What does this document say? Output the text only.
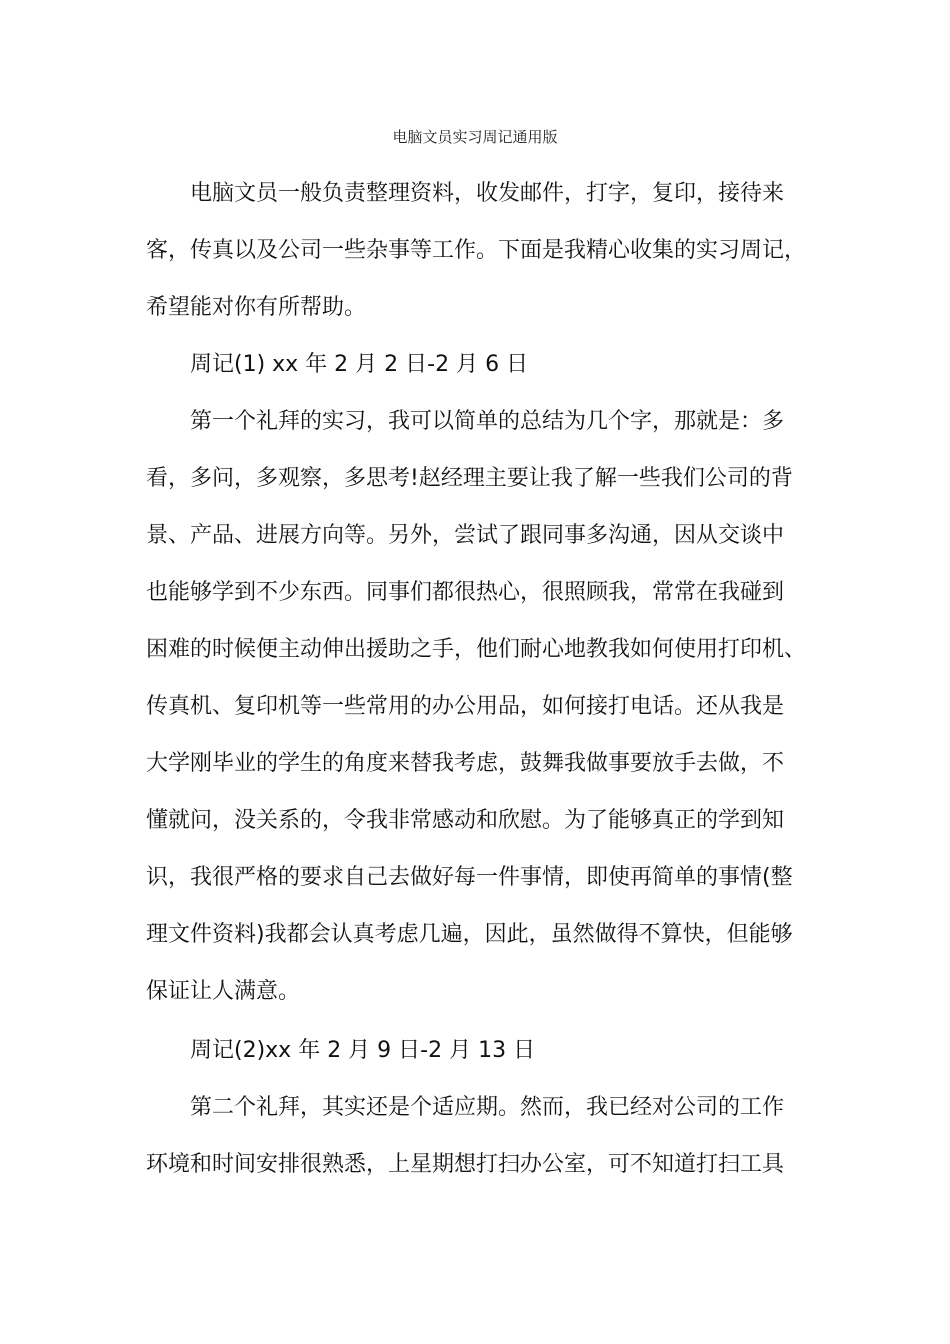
电脑文员实习周记通用版
电脑文员一般负责整理资料，收发邮件，打字，复印，接待来
客，传真以及公司一些杂事等工作。下面是我精心收集的实习周记，
希望能对你有所帮助。
周记(1) xx 年 2 月 2 日-2 月 6 日
第一个礼拜的实习，我可以简单的总结为几个字，那就是：多
看，多问，多观察，多思考!赵经理主要让我了解一些我们公司的背
景、产品、进展方向等。另外，尝试了跟同事多沟通，因从交谈中
也能够学到不少东西。同事们都很热心，很照顾我，常常在我碰到
困难的时候便主动伸出援助之手，他们耐心地教我如何使用打印机、
传真机、复印机等一些常用的办公用品，如何接打电话。还从我是
大学刚毕业的学生的角度来替我考虑，鼓舞我做事要放手去做，不
懂就问，没关系的，令我非常感动和欣慰。为了能够真正的学到知
识，我很严格的要求自己去做好每一件事情，即使再简单的事情(整
理文件资料)我都会认真考虑几遍，因此，虽然做得不算快，但能够
保证让人满意。
周记(2)xx 年 2 月 9 日-2 月 13 日
第二个礼拜，其实还是个适应期。然而，我已经对公司的工作
环境和时间安排很熟悉，上星期想打扫办公室，可不知道打扫工具
